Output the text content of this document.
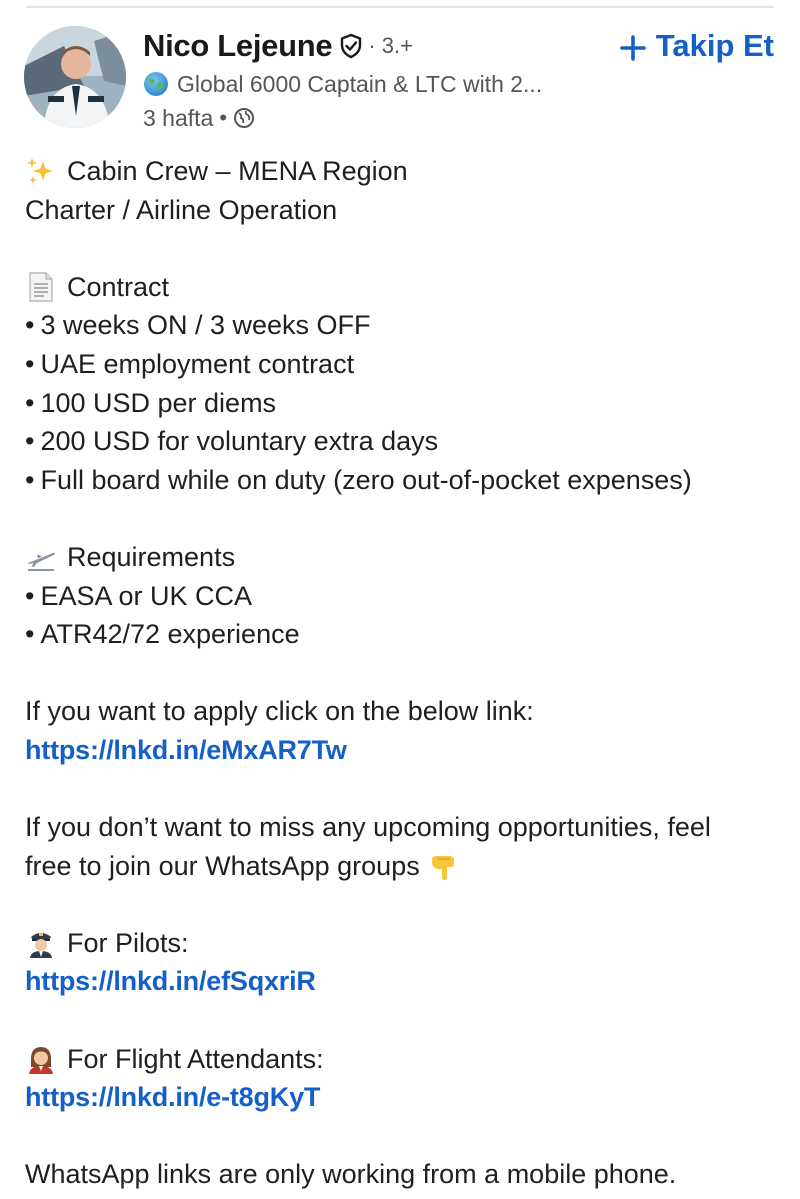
Nico Lejeune · 3.+	Takip Et
Global 6000 Captain & LTC with 2...
3 hafta •
Cabin Crew – MENA Region
Charter / Airline Operation
Contract
• 3 weeks ON / 3 weeks OFF
• UAE employment contract
• 100 USD per diems
• 200 USD for voluntary extra days
• Full board while on duty (zero out-of-pocket expenses)
Requirements
• EASA or UK CCA
• ATR42/72 experience
If you want to apply click on the below link:
https://lnkd.in/eMxAR7Tw
If you don’t want to miss any upcoming opportunities, feel
free to join our WhatsApp groups
For Pilots:
https://lnkd.in/efSqxriR
For Flight Attendants:
https://lnkd.in/e-t8gKyT
WhatsApp links are only working from a mobile phone.
